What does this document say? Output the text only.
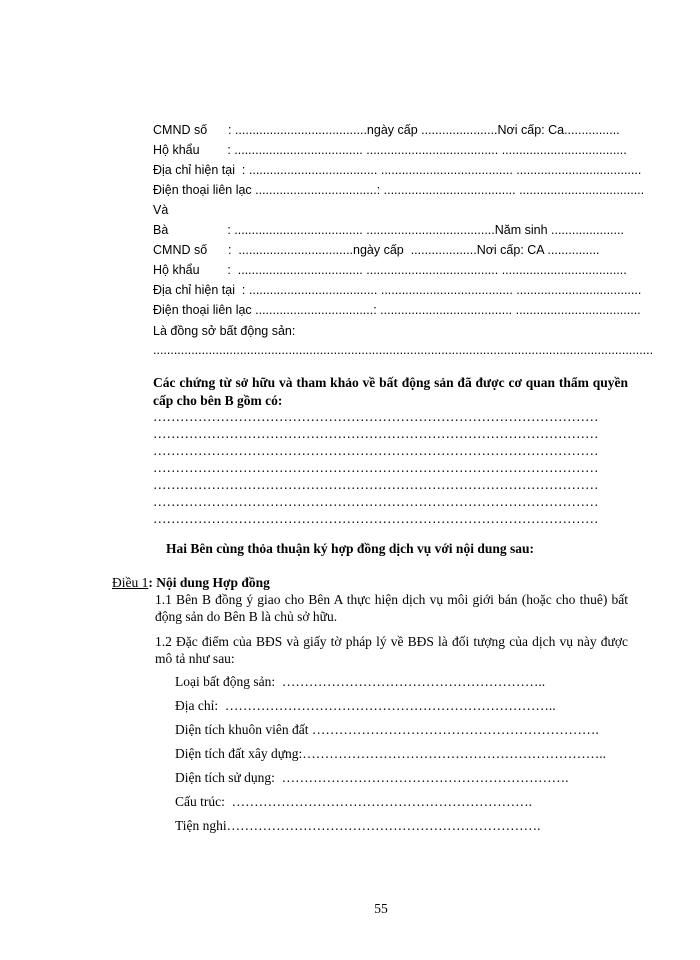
CMND số      : ......................................ngày cấp ......................Nơi cấp: Ca................
Hộ khẩu        : ..................................... ...................................... ....................................
Địa chỉ hiện tại  : ..................................... ...................................... ....................................
Điện thoại liên lạc ...................................: ...................................... ....................................
Và
Bà                 : ..................................... .....................................Năm sinh .....................
CMND số      :  .................................ngày cấp  ...................Nơi cấp: CA ...............
Hộ khẩu        :  .................................... ...................................... ....................................
Địa chỉ hiện tại  : ..................................... ...................................... ....................................
Điện thoại liên lạc ..................................: ...................................... ....................................
Là đồng sở bất động sản:
................................................................................................................................................
Các chứng từ sở hữu và tham khảo về bất động sản đã được cơ quan thẩm quyền cấp cho bên B gồm có:
………………………………………………………………………………………
………………………………………………………………………………………
………………………………………………………………………………………
………………………………………………………………………………………
………………………………………………………………………………………
………………………………………………………………………………………
………………………………………………………………………………………
Hai Bên cùng thỏa thuận ký hợp đồng dịch vụ với nội dung sau:
Điều 1: Nội dung Hợp đồng
1.1 Bên B đồng ý giao cho Bên A thực hiện dịch vụ môi giới bán (hoặc cho thuê) bất động sản do Bên B là chủ sở hữu.
1.2 Đặc điểm của BĐS và giấy tờ pháp lý về BĐS là đối tượng của dịch vụ này được mô tả như sau:
Loại bất động sản:  …………………………………………………..
Địa chỉ:  ………………………………………………………………..
Diện tích khuôn viên đất ……………………………………………………….
Diện tích đất xây dựng:…………………………………………………………..
Diện tích sử dụng:  ……………………………………………………….
Cấu trúc:  ………………………………………………………….
Tiện nghi…………………………………………………………….
55
